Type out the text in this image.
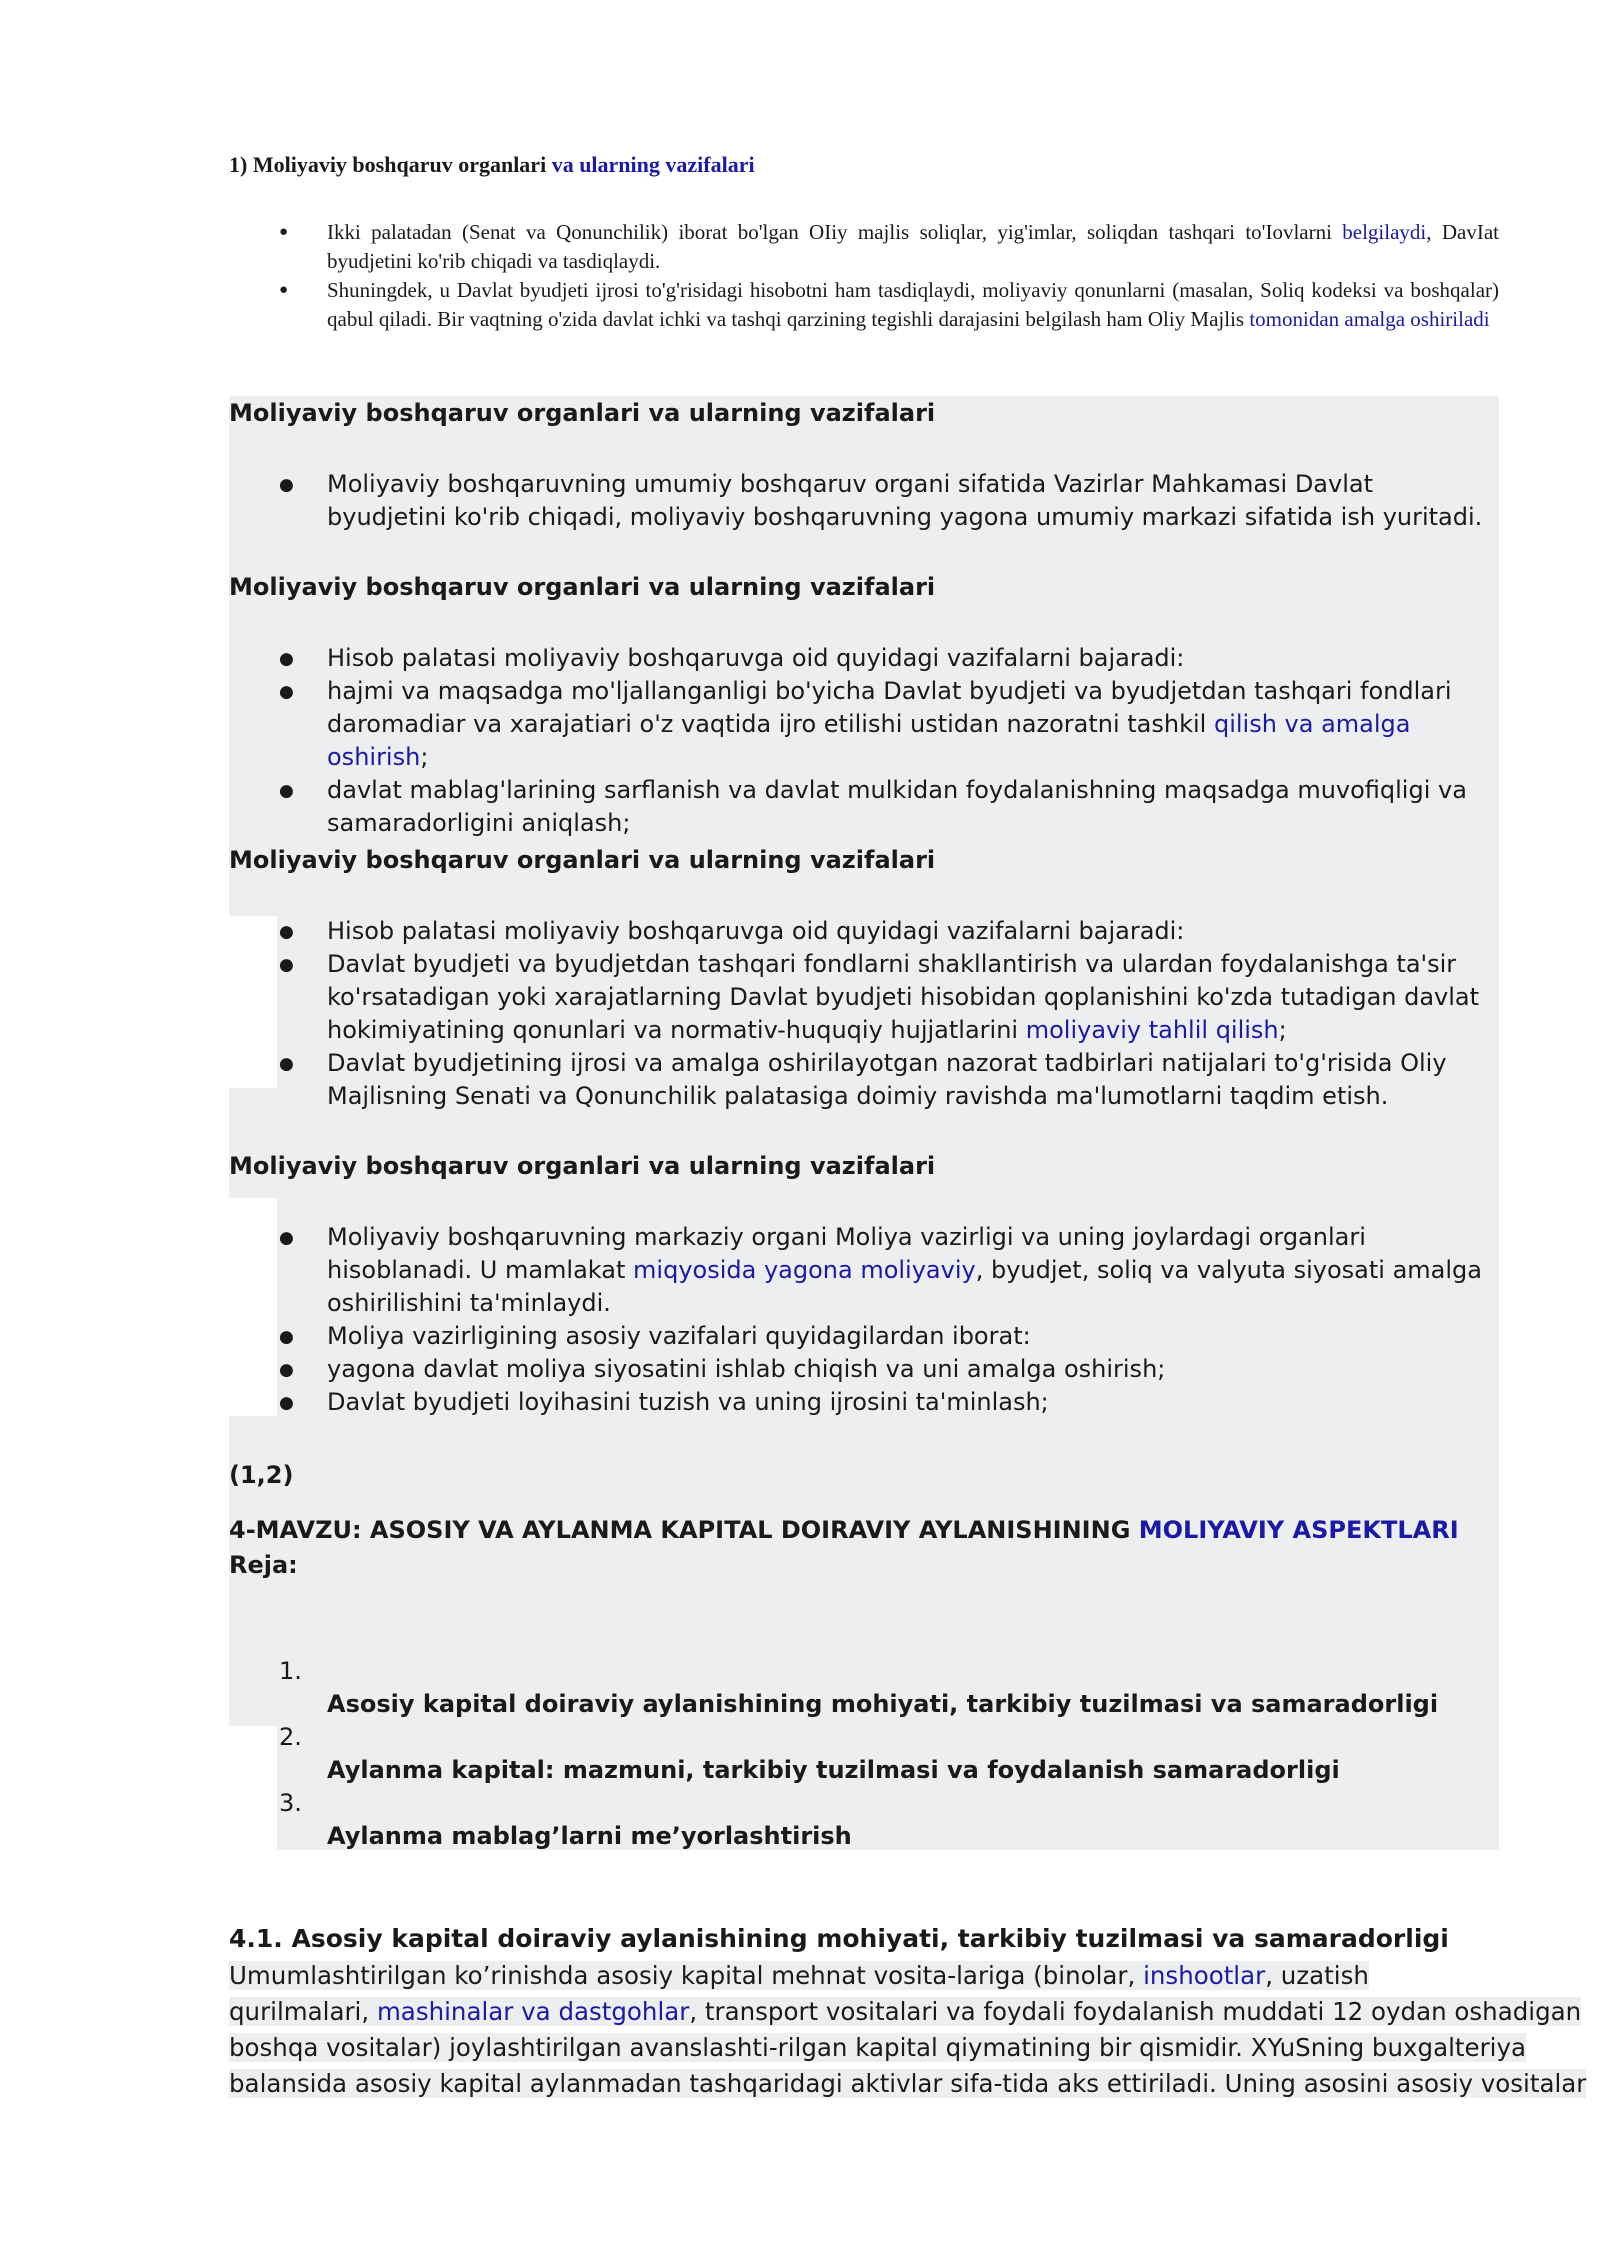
1) Moliyaviy boshqaruv organlari va ularning vazifalari
● Ikki palatadan (Senat va Qonunchilik) iborat bo'lgan OIiy majlis soliqlar, yig'imlar, soliqdan tashqari to'Iovlarni belgilaydi, DavIat byudjetini ko'rib chiqadi va tasdiqlaydi.
● Shuningdek, u Davlat byudjeti ijrosi to'g'risidagi hisobotni ham tasdiqlaydi, moliyaviy qonunlarni (masalan, Soliq kodeksi va boshqalar) qabul qiladi. Bir vaqtning o'zida davlat ichki va tashqi qarzining tegishli darajasini belgilash ham Oliy Majlis tomonidan amalga oshiriladi
Moliyaviy boshqaruv organlari va ularning vazifalari
● Moliyaviy boshqaruvning umumiy boshqaruv organi sifatida Vazirlar Mahkamasi Davlat byudjetini ko'rib chiqadi, moliyaviy boshqaruvning yagona umumiy markazi sifatida ish yuritadi.
Moliyaviy boshqaruv organlari va ularning vazifalari
● Hisob palatasi moIiyaviy boshqaruvga oid quyidagi vazifalarni bajaradi:
● hajmi va maqsadga mo'ljallanganligi bo'yicha Davlat byudjeti va byudjetdan tashqari fondlari daromadiar va xarajatiari o'z vaqtida ijro etilishi ustidan nazoratni tashkil qilish va amalga oshirish;
● davlat mablag'larining sarflanish va davlat mulkidan foydalanishning maqsadga muvofiqligi va samaradorligini aniqlash;
Moliyaviy boshqaruv organlari va ularning vazifalari
● Hisob palatasi moIiyaviy boshqaruvga oid quyidagi vazifalarni bajaradi:
● Davlat byudjeti va byudjetdan tashqari fondlarni shakllantirish va ulardan foydalanishga ta'sir ko'rsatadigan yoki xarajatlarning Davlat byudjeti hisobidan qoplanishini ko'zda tutadigan davlat hokimiyatining qonunlari va normativ-huquqiy hujjatlarini moliyaviy tahlil qilish;
● Davlat byudjetining ijrosi va amalga oshirilayotgan nazorat tadbirlari natijalari to'g'risida Oliy Majlisning Senati va Qonunchilik palatasiga doimiy ravishda ma'lumotlarni taqdim etish.
Moliyaviy boshqaruv organlari va ularning vazifalari
● Moliyaviy boshqaruvning markaziy organi Moliya vazirligi va uning joylardagi organlari hisoblanadi. U mamlakat miqyosida yagona moliyaviy, byudjet, soliq va valyuta siyosati amalga oshirilishini ta'minlaydi.
● Moliya vazirligining asosiy vazifalari quyidagilardan iborat:
● yagona davlat moliya siyosatini ishlab chiqish va uni amalga oshirish;
● Davlat byudjeti loyihasini tuzish va uning ijrosini ta'minlash;
(1,2)
4-MAVZU: ASOSIY VA AYLANMA KAPITAL DOIRAVIY AYLANISHINING MOLIYAVIY ASPEKTLARI
Reja:
1.
Asosiy kapital doiraviy aylanishining mohiyati, tarkibiy tuzilmasi va samaradorligi
2.
Aylanma kapital: mazmuni, tarkibiy tuzilmasi va foydalanish samaradorligi
3.
Aylanma mablag’larni me’yorlashtirish
4.1. Asosiy kapital doiraviy aylanishining mohiyati, tarkibiy tuzilmasi va samaradorligi
Umumlashtirilgan ko’rinishda asosiy kapital mehnat vosita-lariga (binolar, inshootlar, uzatish
qurilmalari, mashinalar va dastgohlar, transport vositalari va foydali foydalanish muddati 12 oydan oshadigan
boshqa vositalar) joylashtirilgan avanslashti-rilgan kapital qiymatining bir qismidir. XYuSning buxgalteriya
balansida asosiy kapital aylanmadan tashqaridagi aktivlar sifa-tida aks ettiriladi. Uning asosini asosiy vositalar
